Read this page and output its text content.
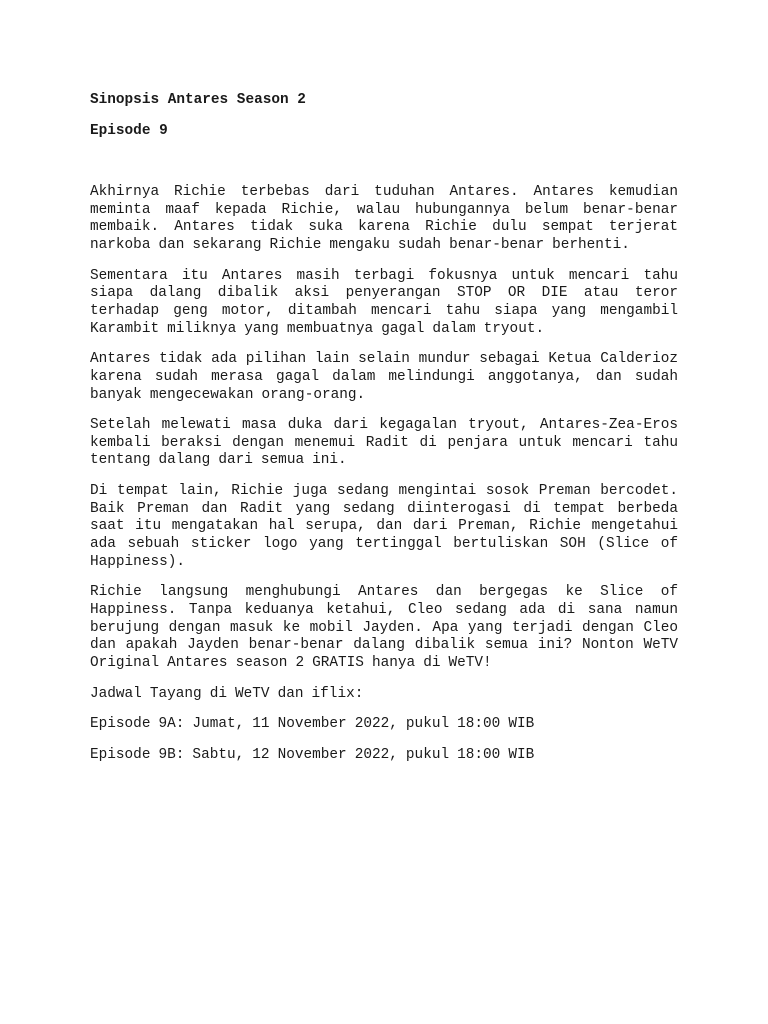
Sinopsis Antares Season 2

Episode 9

Akhirnya Richie terbebas dari tuduhan Antares. Antares kemudian meminta maaf kepada Richie, walau hubungannya belum benar-benar membaik. Antares tidak suka karena Richie dulu sempat terjerat narkoba dan sekarang Richie mengaku sudah benar-benar berhenti.

Sementara itu Antares masih terbagi fokusnya untuk mencari tahu siapa dalang dibalik aksi penyerangan STOP OR DIE atau teror terhadap geng motor, ditambah mencari tahu siapa yang mengambil Karambit miliknya yang membuatnya gagal dalam tryout.

Antares tidak ada pilihan lain selain mundur sebagai Ketua Calderioz karena sudah merasa gagal dalam melindungi anggotanya, dan sudah banyak mengecewakan orang-orang.

Setelah melewati masa duka dari kegagalan tryout, Antares-Zea-Eros kembali beraksi dengan menemui Radit di penjara untuk mencari tahu tentang dalang dari semua ini.

Di tempat lain, Richie juga sedang mengintai sosok Preman bercodet. Baik Preman dan Radit yang sedang diinterogasi di tempat berbeda saat itu mengatakan hal serupa, dan dari Preman, Richie mengetahui ada sebuah sticker logo yang tertinggal bertuliskan SOH (Slice of Happiness).

Richie langsung menghubungi Antares dan bergegas ke Slice of Happiness. Tanpa keduanya ketahui, Cleo sedang ada di sana namun berujung dengan masuk ke mobil Jayden. Apa yang terjadi dengan Cleo dan apakah Jayden benar-benar dalang dibalik semua ini? Nonton WeTV Original Antares season 2 GRATIS hanya di WeTV!

Jadwal Tayang di WeTV dan iflix:

Episode 9A: Jumat, 11 November 2022, pukul 18:00 WIB

Episode 9B: Sabtu, 12 November 2022, pukul 18:00 WIB
